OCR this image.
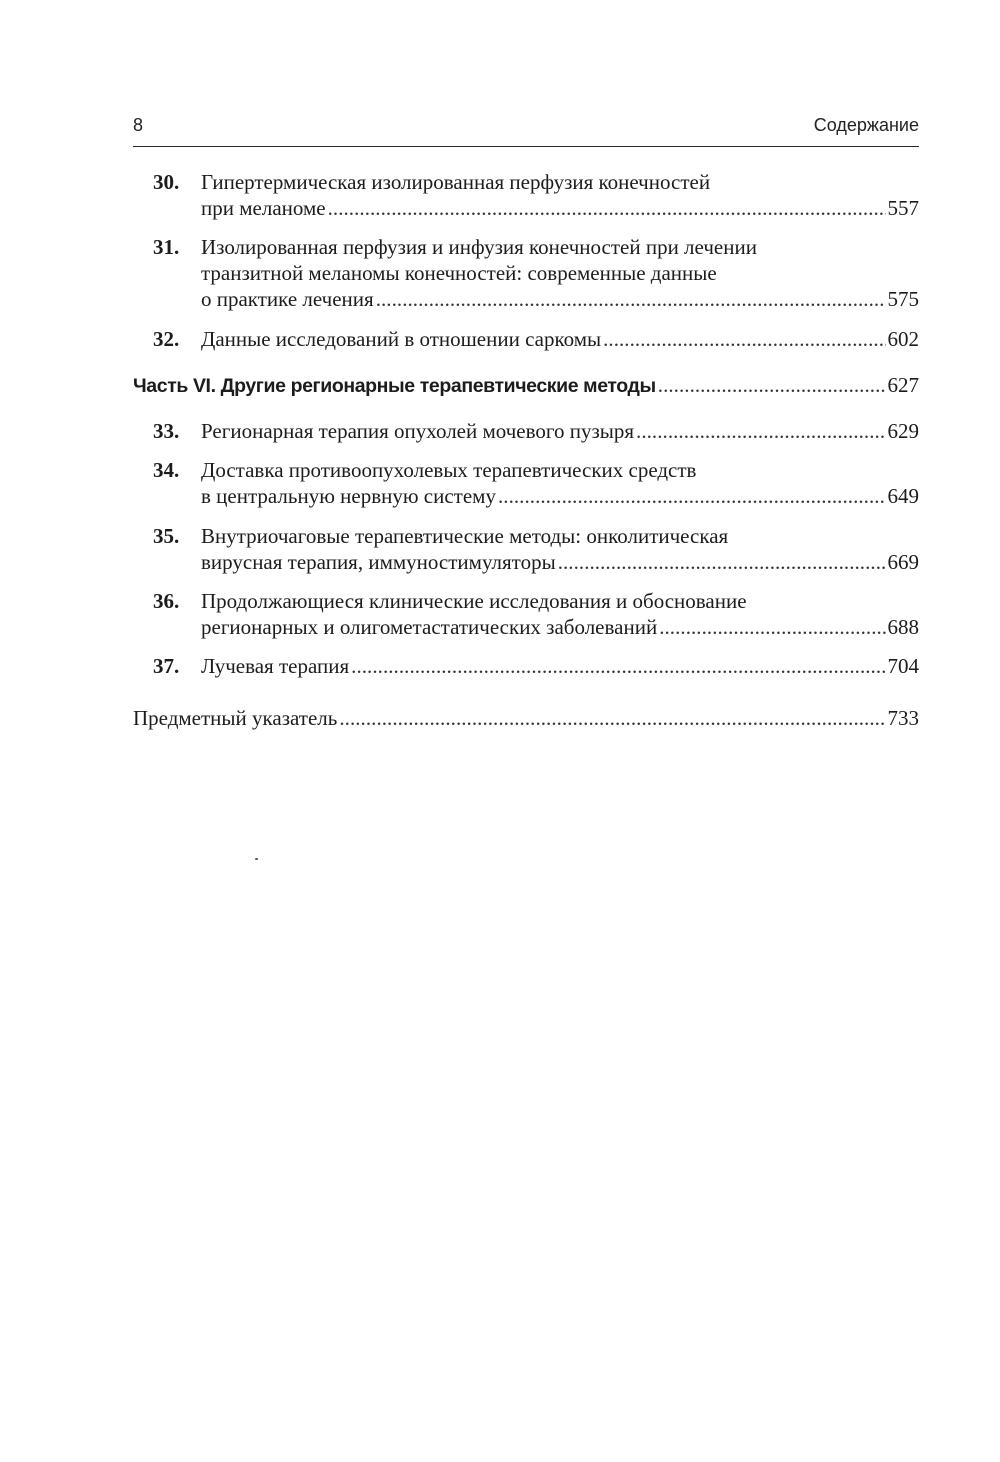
8	Содержание
30. Гипертермическая изолированная перфузия конечностей
при меланоме . . .	557
31. Изолированная перфузия и инфузия конечностей при лечении
транзитной меланомы конечностей: современные данные
о практике лечения . . .	575
32. Данные исследований в отношении саркомы . . .	602
Часть VI. Другие регионарные терапевтические методы . . .	627
33. Регионарная терапия опухолей мочевого пузыря . . .	629
34. Доставка противоопухолевых терапевтических средств
в центральную нервную систему . . .	649
35. Внутриочаговые терапевтические методы: онколитическая
вирусная терапия, иммуностимуляторы . . .	669
36. Продолжающиеся клинические исследования и обоснование
регионарных и олигометастатических заболеваний . . .	688
37. Лучевая терапия . . .	704
Предметный указатель . . .	733
